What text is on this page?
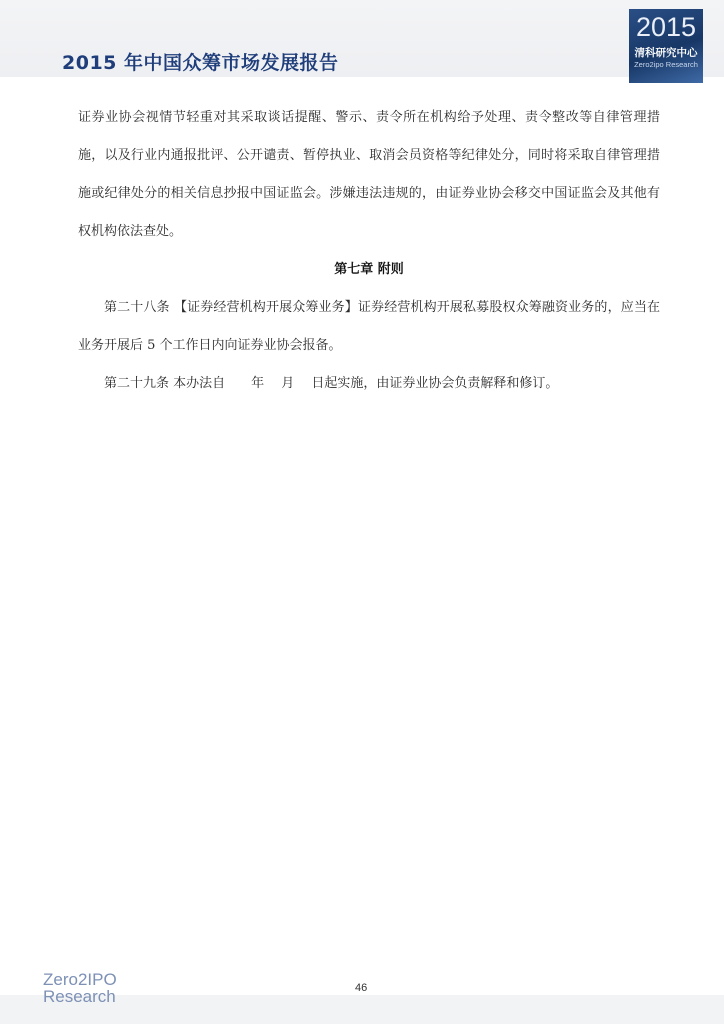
2015 年中国众筹市场发展报告
2015
清科研究中心
Zero2ipo Research

证券业协会视情节轻重对其采取谈话提醒、警示、责令所在机构给予处理、责令整改等自律管理措施，以及行业内通报批评、公开谴责、暂停执业、取消会员资格等纪律处分，同时将采取自律管理措施或纪律处分的相关信息抄报中国证监会。涉嫌违法违规的，由证券业协会移交中国证监会及其他有权机构依法查处。

第七章 附则

第二十八条 【证券经营机构开展众筹业务】证券经营机构开展私募股权众筹融资业务的，应当在业务开展后 5 个工作日内向证券业协会报备。

第二十九条 本办法自　　年　 月　 日起实施，由证券业协会负责解释和修订。

Zero2IPO
Research	46
